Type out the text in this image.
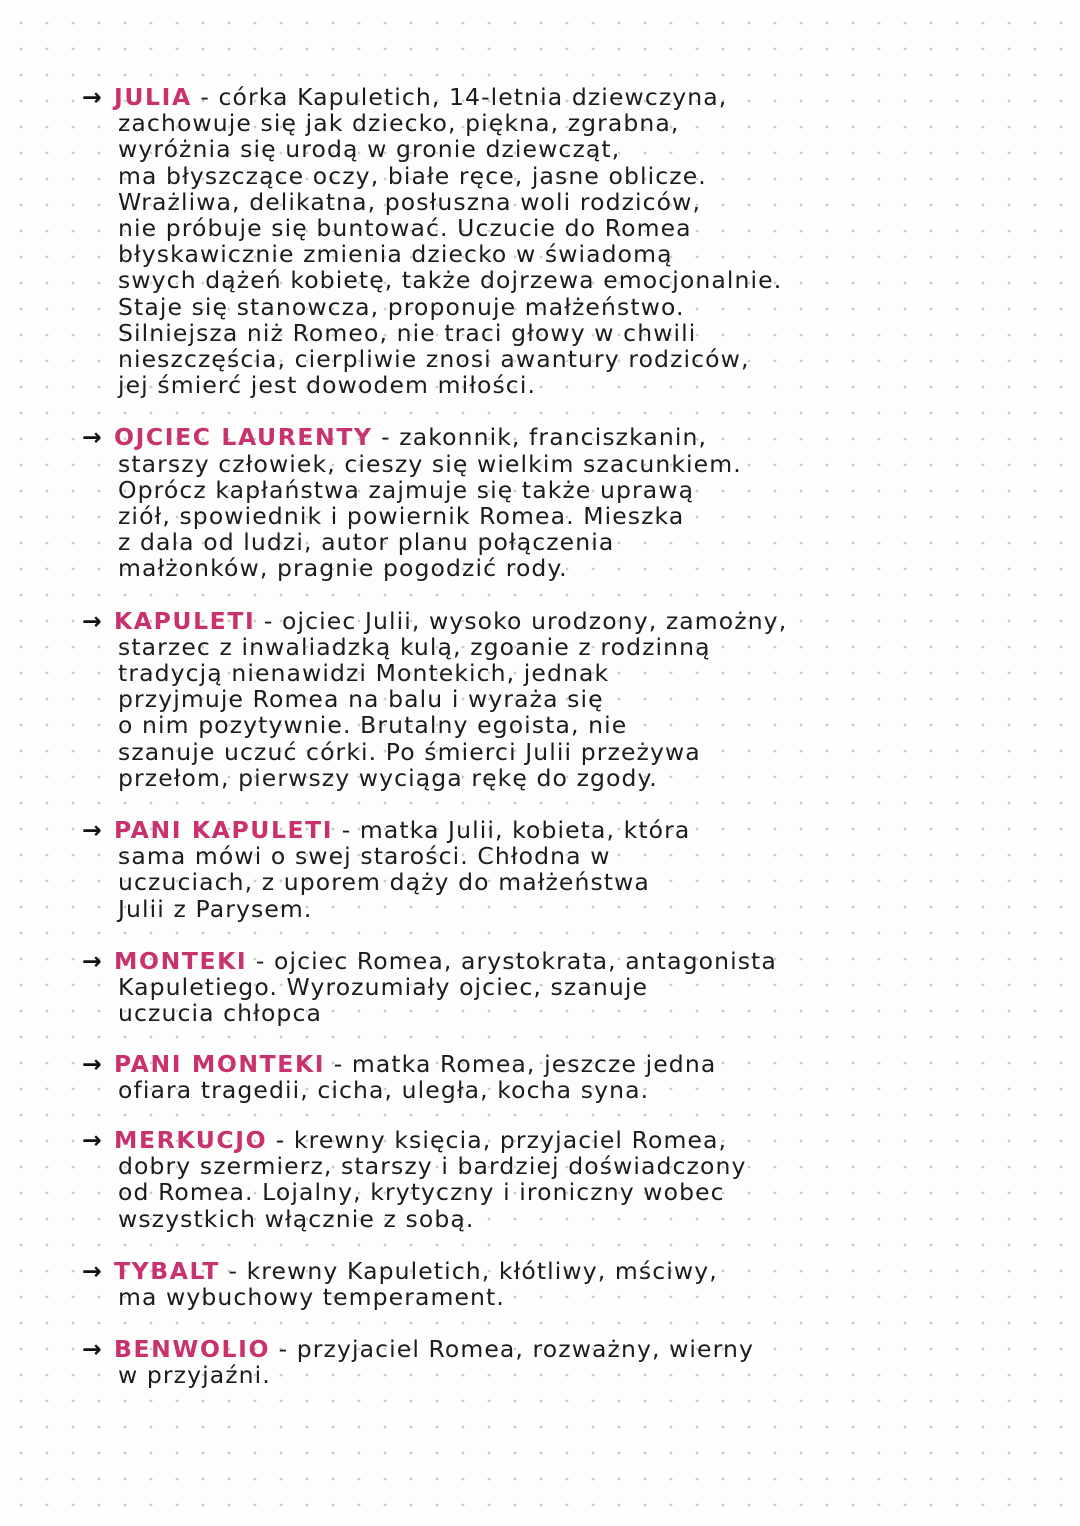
→ JULIA - córka Kapuletich, 14-letnia dziewczyna,

zachowuje się jak dziecko, piękna, zgrabna,

wyróżnia się urodą w gronie dziewcząt,

ma błyszczące oczy, białe ręce, jasne oblicze.

Wrażliwa, delikatna, posłuszna woli rodziców,

nie próbuje się buntować. Uczucie do Romea

błyskawicznie zmienia dziecko w świadomą

swych dążeń kobietę, także dojrzewa emocjonalnie.

Staje się stanowcza, proponuje małżeństwo.

Silniejsza niż Romeo, nie traci głowy w chwili

nieszczęścia, cierpliwie znosi awantury rodziców,

jej śmierć jest dowodem miłości.

→ OJCIEC LAURENTY - zakonnik, franciszkanin,

starszy człowiek, cieszy się wielkim szacunkiem.

Oprócz kapłaństwa zajmuje się także uprawą

ziół, spowiednik i powiernik Romea. Mieszka

z dala od ludzi, autor planu połączenia

małżonków, pragnie pogodzić rody.

→ KAPULETI - ojciec Julii, wysoko urodzony, zamożny,

starzec z inwaliadzką kulą, zgoanie z rodzinną

tradycją nienawidzi Montekich, jednak

przyjmuje Romea na balu i wyraża się

o nim pozytywnie. Brutalny egoista, nie

szanuje uczuć córki. Po śmierci Julii przeżywa

przełom, pierwszy wyciąga rękę do zgody.

→ PANI KAPULETI - matka Julii, kobieta, która

sama mówi o swej starości. Chłodna w

uczuciach, z uporem dąży do małżeństwa

Julii z Parysem.

→ MONTEKI - ojciec Romea, arystokrata, antagonista

Kapuletiego. Wyrozumiały ojciec, szanuje

uczucia chłopca

→ PANI MONTEKI - matka Romea, jeszcze jedna

ofiara tragedii, cicha, uległa, kocha syna.

→ MERKUCJO - krewny księcia, przyjaciel Romea,

dobry szermierz, starszy i bardziej doświadczony

od Romea. Lojalny, krytyczny i ironiczny wobec

wszystkich włącznie z sobą.

→ TYBALT - krewny Kapuletich, kłótliwy, mściwy,

ma wybuchowy temperament.

→ BENWOLIO - przyjaciel Romea, rozważny, wierny

w przyjaźni.
